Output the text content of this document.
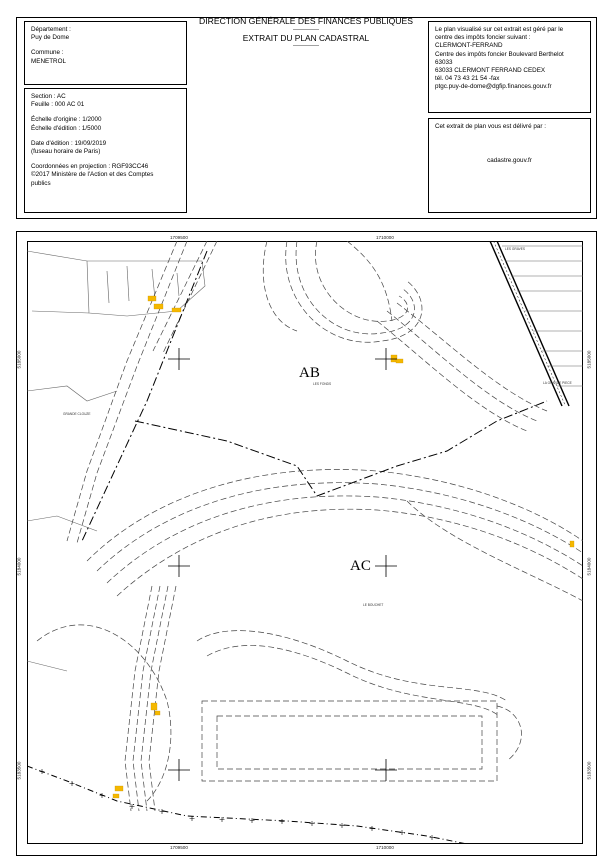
DIRECTION GÉNÉRALE DES FINANCES PUBLIQUES
-------------
EXTRAIT DU PLAN CADASTRAL
-------------
Département :
Puy de Dome
Commune :
MENETROL
Section : AC
Feuille : 000 AC 01
Échelle d'origine : 1/2000
Échelle d'édition : 1/5000
Date d'édition : 19/09/2019
(fuseau horaire de Paris)
Coordonnées en projection : RGF93CC46
©2017 Ministère de l'Action et des Comptes
publics
Le plan visualisé sur cet extrait est géré par le
centre des impôts foncier suivant :
CLERMONT-FERRAND
Centre des impôts foncier Boulevard Berthelot
63033
63033 CLERMONT FERRAND CEDEX
tél. 04 73 43 21 54 -fax
ptgc.puy-de-dome@dgfip.finances.gouv.fr
Cet extrait de plan vous est délivré par :
cadastre.gouv.fr
AB
AC
LES FONDS
GRANDE CLOUZE
LE BOUCHET
LES GRAVES
LA GRANDE PIECE
1709500	1710000
1709500	1710000
5185000
5184000
5183500
5185000
5184000
5183500
